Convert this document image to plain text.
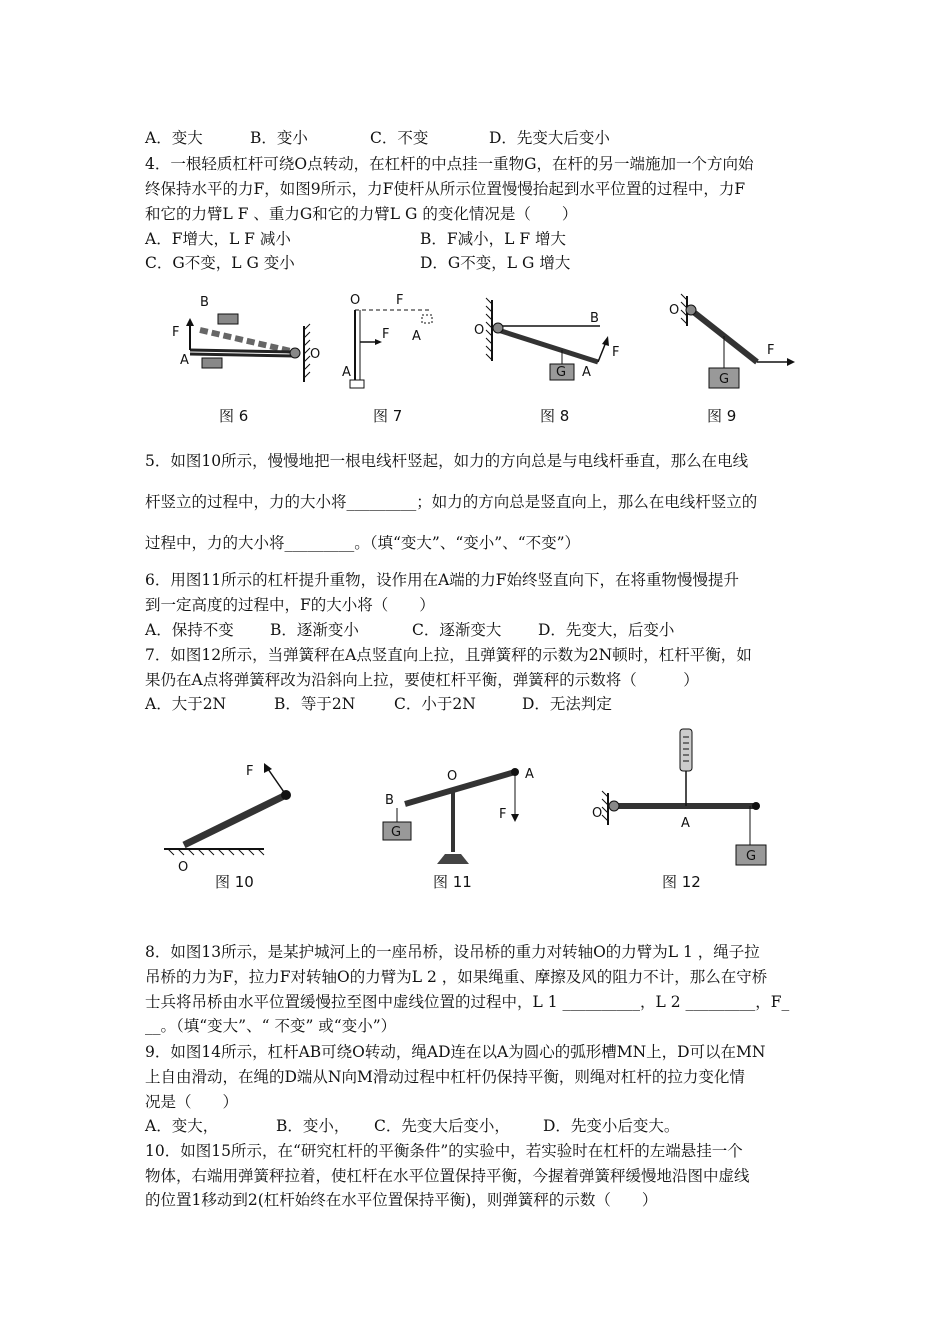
A．变大	B．变小	C．不变	D．先变大后变小
4．一根轻质杠杆可绕O点转动，在杠杆的中点挂一重物G，在杆的另一端施加一个方向始
终保持水平的力F，如图9所示，力F使杆从所示位置慢慢抬起到水平位置的过程中，力F
和它的力臂L F 、重力G和它的力臂L G 的变化情况是（　　）
A．F增大，L F 减小	B．F减小，L F 增大
C．G不变，L G 变小	D．G不变，L G 增大
B
F
A	O
图 6
O	F
F A
A
图 7
O
B
G A
F
图 8
O
F
G
图 9
5．如图10所示，慢慢地把一根电线杆竖起，如力的方向总是与电线杆垂直，那么在电线
杆竖立的过程中，力的大小将_________；如力的方向总是竖直向上，那么在电线杆竖立的
过程中，力的大小将_________。（填“变大”、“变小”、“不变”）
6．用图11所示的杠杆提升重物，设作用在A端的力F始终竖直向下，在将重物慢慢提升
到一定高度的过程中，F的大小将（　　）
A．保持不变 B．逐渐变小	C．逐渐变大 D．先变大，后变小
7．如图12所示，当弹簧秤在A点竖直向上拉，且弹簧秤的示数为2N顿时，杠杆平衡，如
果仍在A点将弹簧秤改为沿斜向上拉，要使杠杆平衡，弹簧秤的示数将（　　　）
A．大于2N	B．等于2N C．小于2N	D．无法判定
F
O
图 10
O	A
B
F
G
图 11
O
A
G
图 12
8．如图13所示，是某护城河上的一座吊桥，设吊桥的重力对转轴O的力臂为L 1 ，绳子拉
吊桥的力为F，拉力F对转轴O的力臂为L 2 ，如果绳重、摩擦及风的阻力不计，那么在守桥
士兵将吊桥由水平位置缓慢拉至图中虚线位置的过程中，L 1 __________，L 2 _________，F_
__。（填“变大”、“ 不变” 或“变小”）
9．如图14所示，杠杆AB可绕O转动，绳AD连在以A为圆心的弧形槽MN上，D可以在MN
上自由滑动，在绳的D端从N向M滑动过程中杠杆仍保持平衡，则绳对杠杆的拉力变化情
况是（　　）
A．变大，	B．变小， C．先变大后变小， D．先变小后变大。
10．如图15所示，在“研究杠杆的平衡条件”的实验中，若实验时在杠杆的左端悬挂一个
物体，右端用弹簧秤拉着，使杠杆在水平位置保持平衡，今握着弹簧秤缓慢地沿图中虚线
的位置1移动到2(杠杆始终在水平位置保持平衡)，则弹簧秤的示数（　　）
